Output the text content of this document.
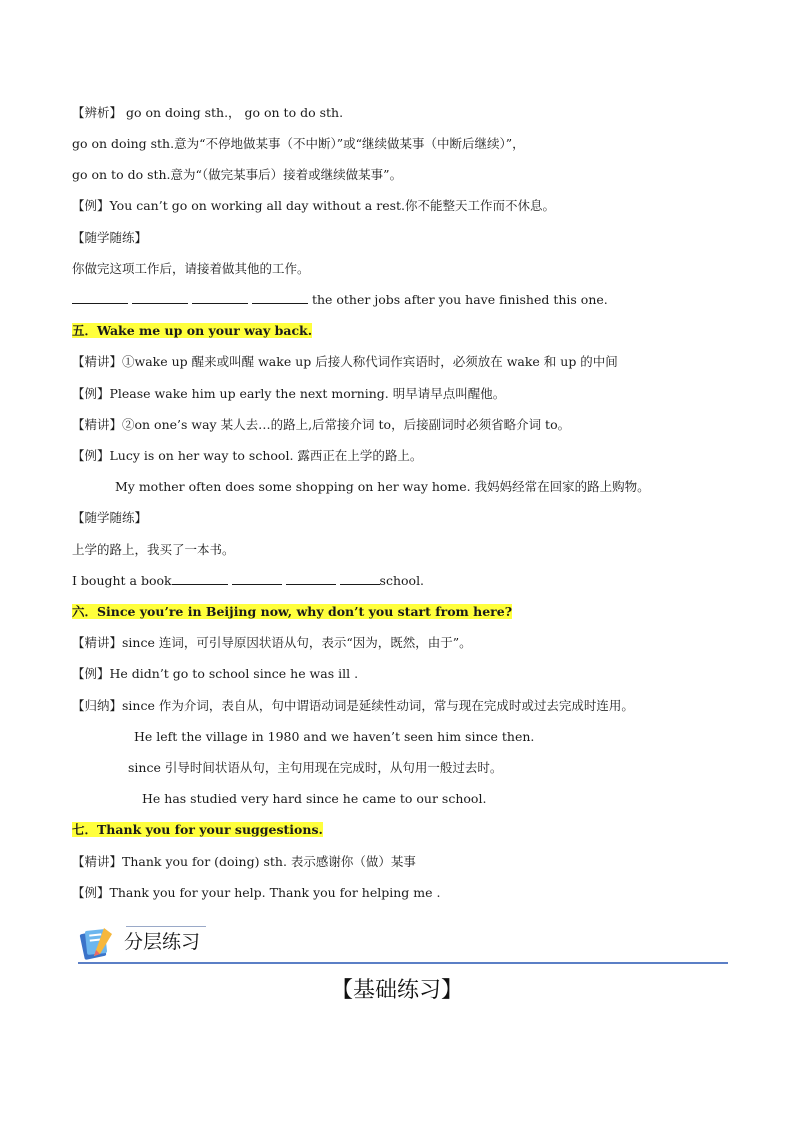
【辨析】 go on doing sth.， go on to do sth.
go on doing sth.意为“不停地做某事（不中断）”或“继续做某事（中断后继续）”，
go on to do sth.意为“（做完某事后）接着或继续做某事”。
【例】You can’t go on working all day without a rest.你不能整天工作而不休息。
【随学随练】
你做完这项工作后，请接着做其他的工作。
the other jobs after you have finished this one.
五．Wake me up on your way back.
【精讲】①wake up 醒来或叫醒 wake up 后接人称代词作宾语时，必须放在 wake 和 up 的中间
【例】Please wake him up early the next morning. 明早请早点叫醒他。
【精讲】②on one’s way 某人去…的路上,后常接介词 to，后接副词时必须省略介词 to。
【例】Lucy is on her way to school. 露西正在上学的路上。
My mother often does some shopping on her way home. 我妈妈经常在回家的路上购物。
【随学随练】
上学的路上，我买了一本书。
I bought a book	school.
六．Since you’re in Beijing now, why don’t you start from here?
【精讲】since 连词，可引导原因状语从句，表示“因为，既然，由于”。
【例】He didn’t go to school since he was ill .
【归纳】since 作为介词，表自从，句中谓语动词是延续性动词，常与现在完成时或过去完成时连用。
He left the village in 1980 and we haven’t seen him since then.
since 引导时间状语从句，主句用现在完成时，从句用一般过去时。
He has studied very hard since he came to our school.
七．Thank you for your suggestions.
【精讲】Thank you for (doing) sth. 表示感谢你（做）某事
【例】Thank you for your help. Thank you for helping me .
分层练习
【基础练习】
